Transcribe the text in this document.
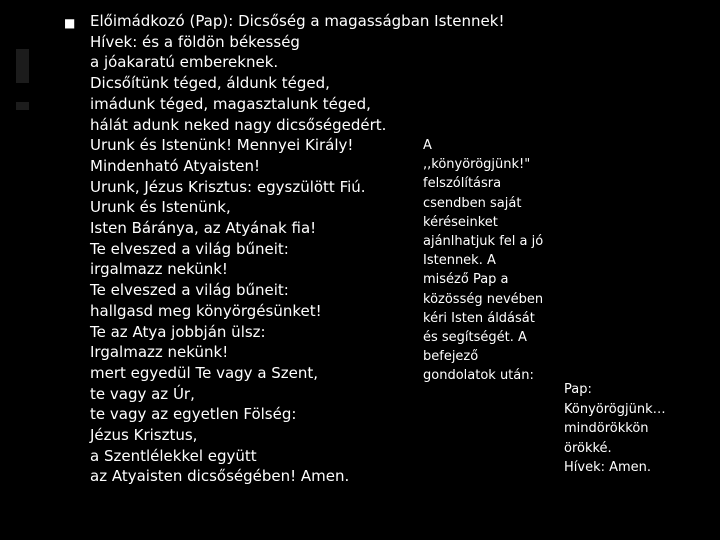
■ Előimádkozó (Pap): Dicsőség a magasságban Istennek!
Hívek: és a földön békesség
a jóakaratú embereknek.
Dicsőítünk téged, áldunk téged,
imádunk téged, magasztalunk téged,
hálát adunk neked nagy dicsőségedért.
Urunk és Istenünk! Mennyei Király!
Mindenható Atyaisten!
Urunk, Jézus Krisztus: egyszülött Fiú.
Urunk és Istenünk,
Isten Báránya, az Atyának fia!
Te elveszed a világ bűneit:
irgalmazz nekünk!
Te elveszed a világ bűneit:
hallgasd meg könyörgésünket!
Te az Atya jobbján ülsz:
Irgalmazz nekünk!
mert egyedül Te vagy a Szent,
te vagy az Úr,
te vagy az egyetlen Fölség:
Jézus Krisztus,
a Szentlélekkel együtt
az Atyaisten dicsőségében! Amen.
A
,,könyörögjünk!"
felszólításra
csendben saját
kéréseinket
ajánlhatjuk fel a jó
Istennek. A
miséző Pap a
közösség nevében
kéri Isten áldását
és segítségét. A
befejező
gondolatok után:
Pap:
Könyörögjünk…
mindörökkön
örökké.
Hívek: Amen.
